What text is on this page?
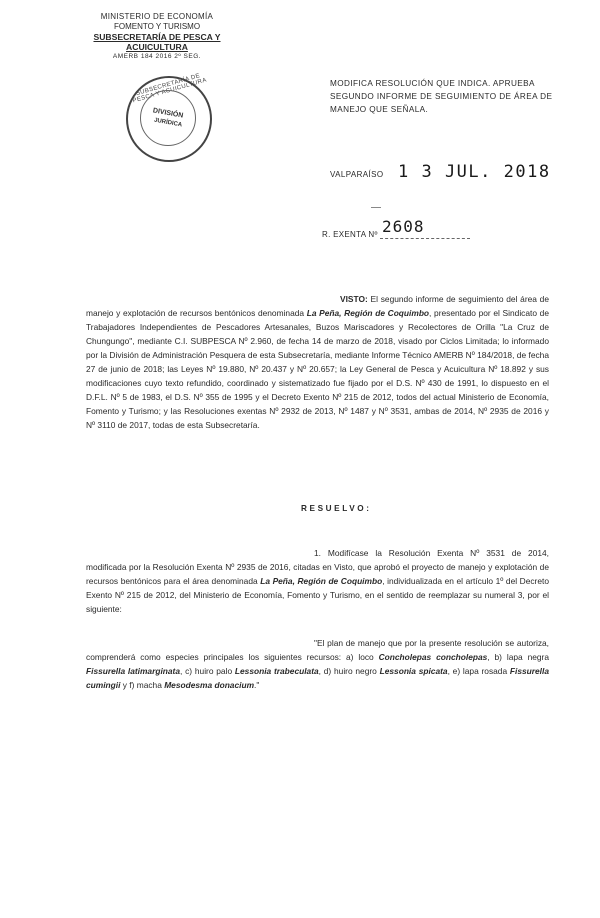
MINISTERIO DE ECONOMÍA
FOMENTO Y TURISMO
SUBSECRETARÍA DE PESCA Y ACUICULTURA
AMERB 184 2016 2º SEG.
SUBSECRETARÍA DE PESCA Y ACUICULTURA
DIVISIÓN
JURÍDICA
MODIFICA RESOLUCIÓN QUE INDICA. APRUEBA SEGUNDO INFORME DE SEGUIMIENTO DE ÁREA DE MANEJO QUE SEÑALA.
VALPARAÍSO 1 3 JUL. 2018
R. EXENTA Nº 2608
VISTO: El segundo informe de seguimiento del área de manejo y explotación de recursos bentónicos denominada La Peña, Región de Coquimbo, presentado por el Sindicato de Trabajadores Independientes de Pescadores Artesanales, Buzos Mariscadores y Recolectores de Orilla "La Cruz de Chungungo", mediante C.I. SUBPESCA Nº 2.960, de fecha 14 de marzo de 2018, visado por Ciclos Limitada; lo informado por la División de Administración Pesquera de esta Subsecretaría, mediante Informe Técnico AMERB Nº 184/2018, de fecha 27 de junio de 2018; las Leyes Nº 19.880, Nº 20.437 y Nº 20.657; la Ley General de Pesca y Acuicultura Nº 18.892 y sus modificaciones cuyo texto refundido, coordinado y sistematizado fue fijado por el D.S. Nº 430 de 1991, lo dispuesto en el D.F.L. Nº 5 de 1983, el D.S. Nº 355 de 1995 y el Decreto Exento Nº 215 de 2012, todos del actual Ministerio de Economía, Fomento y Turismo; y las Resoluciones exentas Nº 2932 de 2013, Nº 1487 y Nº 3531, ambas de 2014, Nº 2935 de 2016 y Nº 3110 de 2017, todas de esta Subsecretaría.
RESUELVO:
1. Modifícase la Resolución Exenta Nº 3531 de 2014, modificada por la Resolución Exenta Nº 2935 de 2016, citadas en Visto, que aprobó el proyecto de manejo y explotación de recursos bentónicos para el área denominada La Peña, Región de Coquimbo, individualizada en el artículo 1º del Decreto Exento Nº 215 de 2012, del Ministerio de Economía, Fomento y Turismo, en el sentido de reemplazar su numeral 3, por el siguiente:
"El plan de manejo que por la presente resolución se autoriza, comprenderá como especies principales los siguientes recursos: a) loco Concholepas concholepas, b) lapa negra Fissurella latimarginata, c) huiro palo Lessonia trabeculata, d) huiro negro Lessonia spicata, e) lapa rosada Fissurella cumingii y f) macha Mesodesma donacium."
